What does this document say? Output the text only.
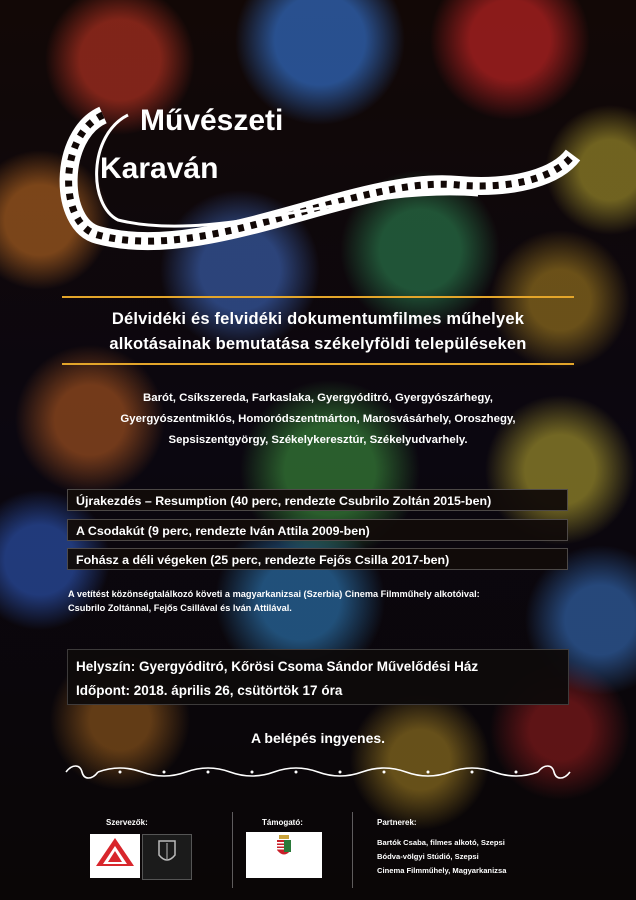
Művészeti
Karaván
Délvidéki és felvidéki dokumentumfilmes műhelyek
alkotásainak bemutatása székelyföldi településeken
Barót, Csíkszereda, Farkaslaka, Gyergyóditró, Gyergyószárhegy,
Gyergyószentmiklós, Homoródszentmárton, Marosvásárhely, Oroszhegy,
Sepsiszentgyörgy, Székelykeresztúr, Székelyudvarhely.
Újrakezdés – Resumption (40 perc, rendezte Csubrilo Zoltán 2015-ben)
A Csodakút (9 perc, rendezte Iván Attila 2009-ben)
Fohász a déli végeken (25 perc, rendezte Fejős Csilla 2017-ben)
A vetítést közönségtalálkozó követi a magyarkanizsai (Szerbia) Cinema Filmműhely alkotóival:
Csubrilo Zoltánnal, Fejős Csillával és Iván Attilával.
Helyszín: Gyergyóditró, Kőrösi Csoma Sándor Művelődési Ház
Időpont: 2018. április 26, csütörtök 17 óra
A belépés ingyenes.
Szervezők:	Támogató:	Partnerek:
Bartók Csaba, filmes alkotó, Szepsi
Bódva-völgyi Stúdió, Szepsi
Cinema Filmműhely, Magyarkanizsa
